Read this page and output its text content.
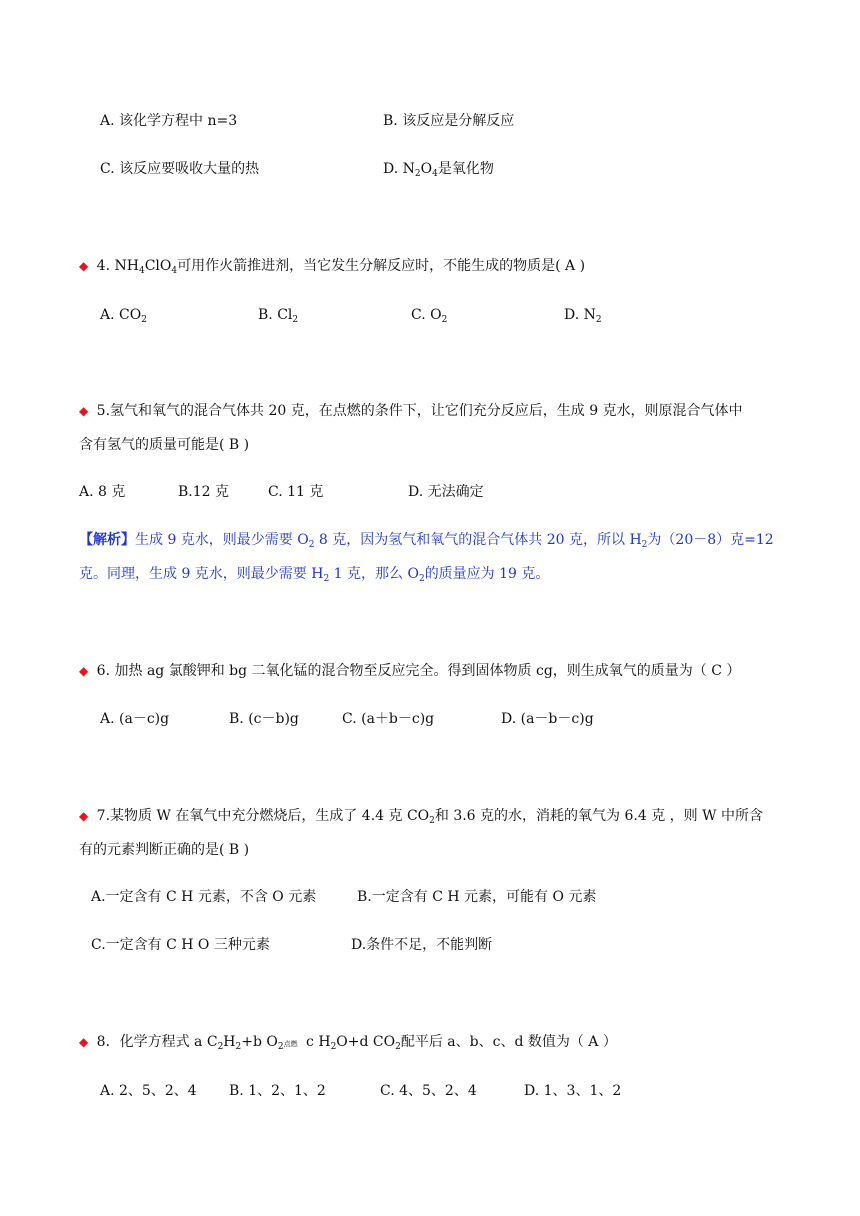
A. 该化学方程中 n=3	B. 该反应是分解反应
C. 该反应要吸收大量的热	D. $N_2O_4$是氧化物
◆ 4. $NH_4ClO_4$可用作火箭推进剂，当它发生分解反应时，不能生成的物质是( A )
A. $CO_2$	B. $Cl_2$	C. $O_2$	D. $N_2$
◆ 5.氢气和氧气的混合气体共 20 克，在点燃的条件下，让它们充分反应后，生成 9 克水，则原混合气体中
含有氢气的质量可能是( B )
A. 8 克	B.12 克	C. 11 克	D. 无法确定
【解析】生成 9 克水，则最少需要 $O_2$ 8 克，因为氢气和氧气的混合气体共 20 克，所以 $H_2$为（20－8）克=12
克。同理，生成 9 克水，则最少需要 $H_2$ 1 克，那么 $O_2$的质量应为 19 克。
◆ 6. 加热 ag 氯酸钾和 bg 二氧化锰的混合物至反应完全。得到固体物质 cg，则生成氧气的质量为（ C ）
A. (a－c)g	B. (c－b)g	C. (a＋b－c)g	D. (a－b－c)g
◆ 7.某物质 W 在氧气中充分燃烧后，生成了 4.4 克 $CO_2$和 3.6 克的水，消耗的氧气为 6.4 克 ，则 W 中所含
有的元素判断正确的是( B )
A.一定含有 C H 元素，不含 O 元素	B.一定含有 C H 元素，可能有 O 元素
C.一定含有 C H O 三种元素	D.条件不足，不能判断
◆ 8．化学方程式 a $C_2H_2+b$ $O_2$ 点燃 c $H_2O+d$ $CO_2$配平后 a、b、c、d 数值为（ A ）
A. 2、5、2、4 B. 1、2、1、2	C. 4、5、2、4	D. 1、3、1、2
